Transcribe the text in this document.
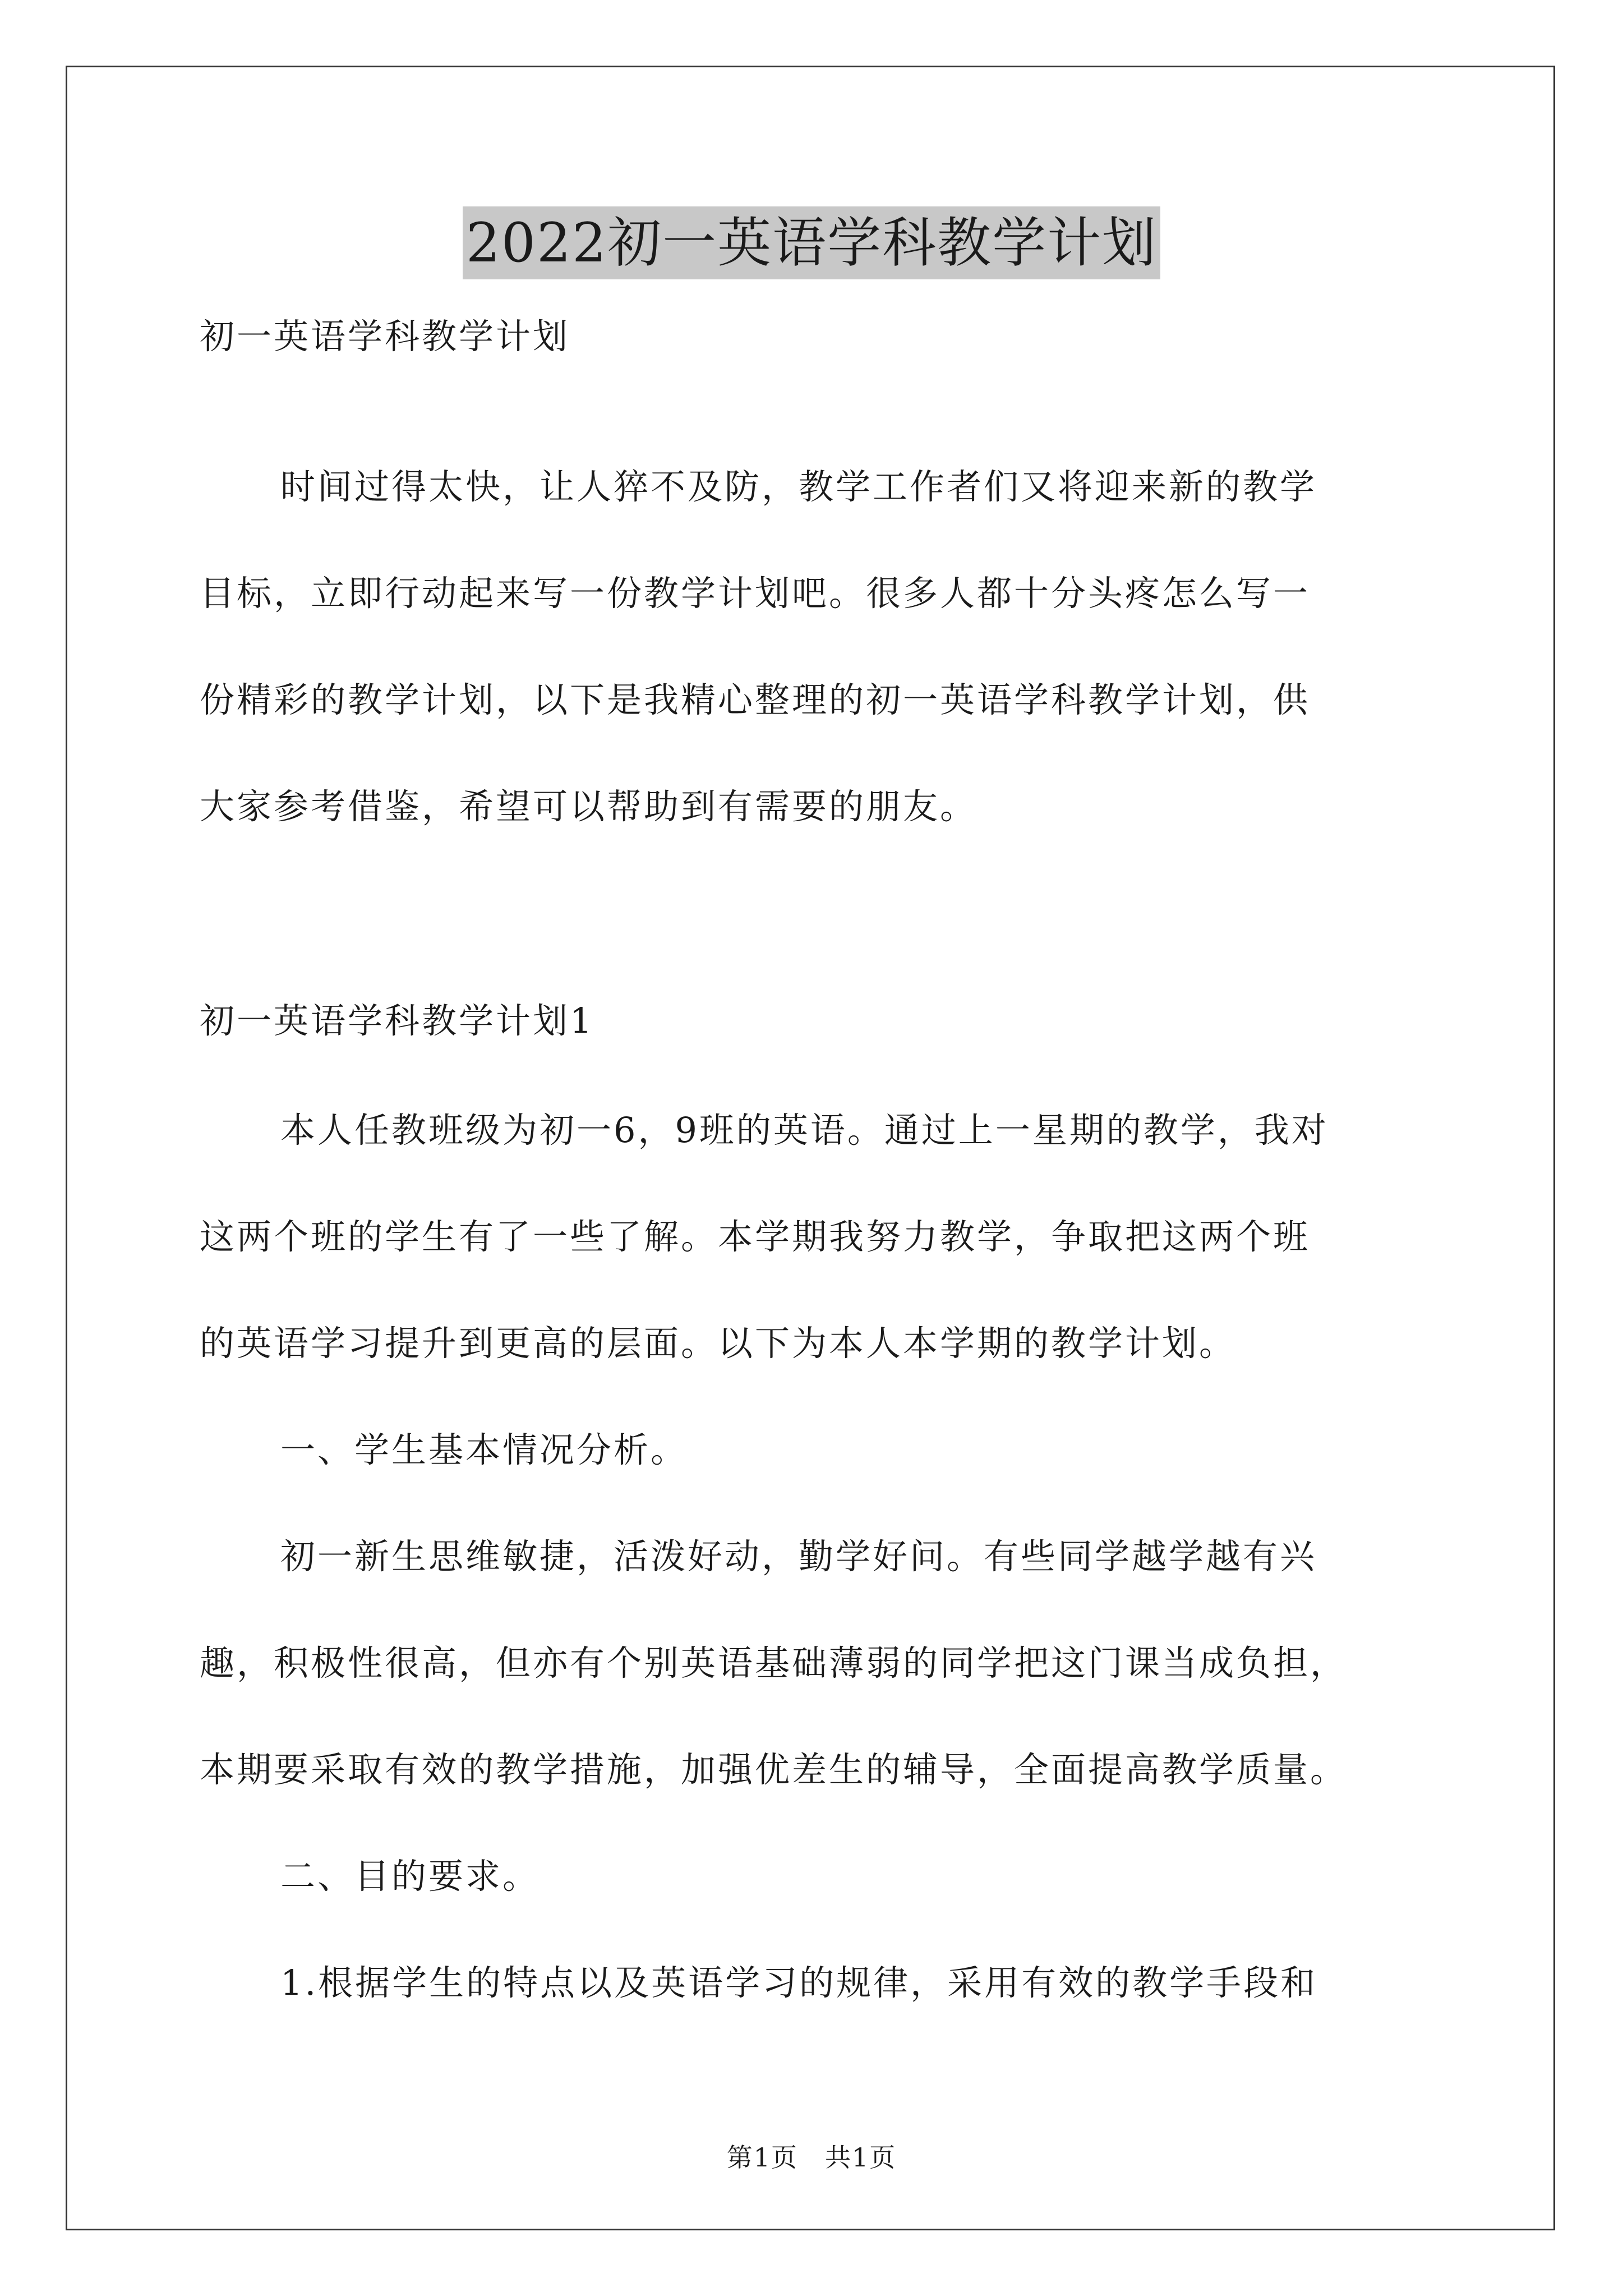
2022初一英语学科教学计划
初一英语学科教学计划
时间过得太快，让人猝不及防，教学工作者们又将迎来新的教学
目标，立即行动起来写一份教学计划吧。很多人都十分头疼怎么写一
份精彩的教学计划，以下是我精心整理的初一英语学科教学计划，供
大家参考借鉴，希望可以帮助到有需要的朋友。
初一英语学科教学计划1
本人任教班级为初一6，9班的英语。通过上一星期的教学，我对
这两个班的学生有了一些了解。本学期我努力教学，争取把这两个班
的英语学习提升到更高的层面。以下为本人本学期的教学计划。
一、学生基本情况分析。
初一新生思维敏捷，活泼好动，勤学好问。有些同学越学越有兴
趣，积极性很高，但亦有个别英语基础薄弱的同学把这门课当成负担，
本期要采取有效的教学措施，加强优差生的辅导，全面提高教学质量。
二、目的要求。
1.根据学生的特点以及英语学习的规律，采用有效的教学手段和
第1页　共1页
